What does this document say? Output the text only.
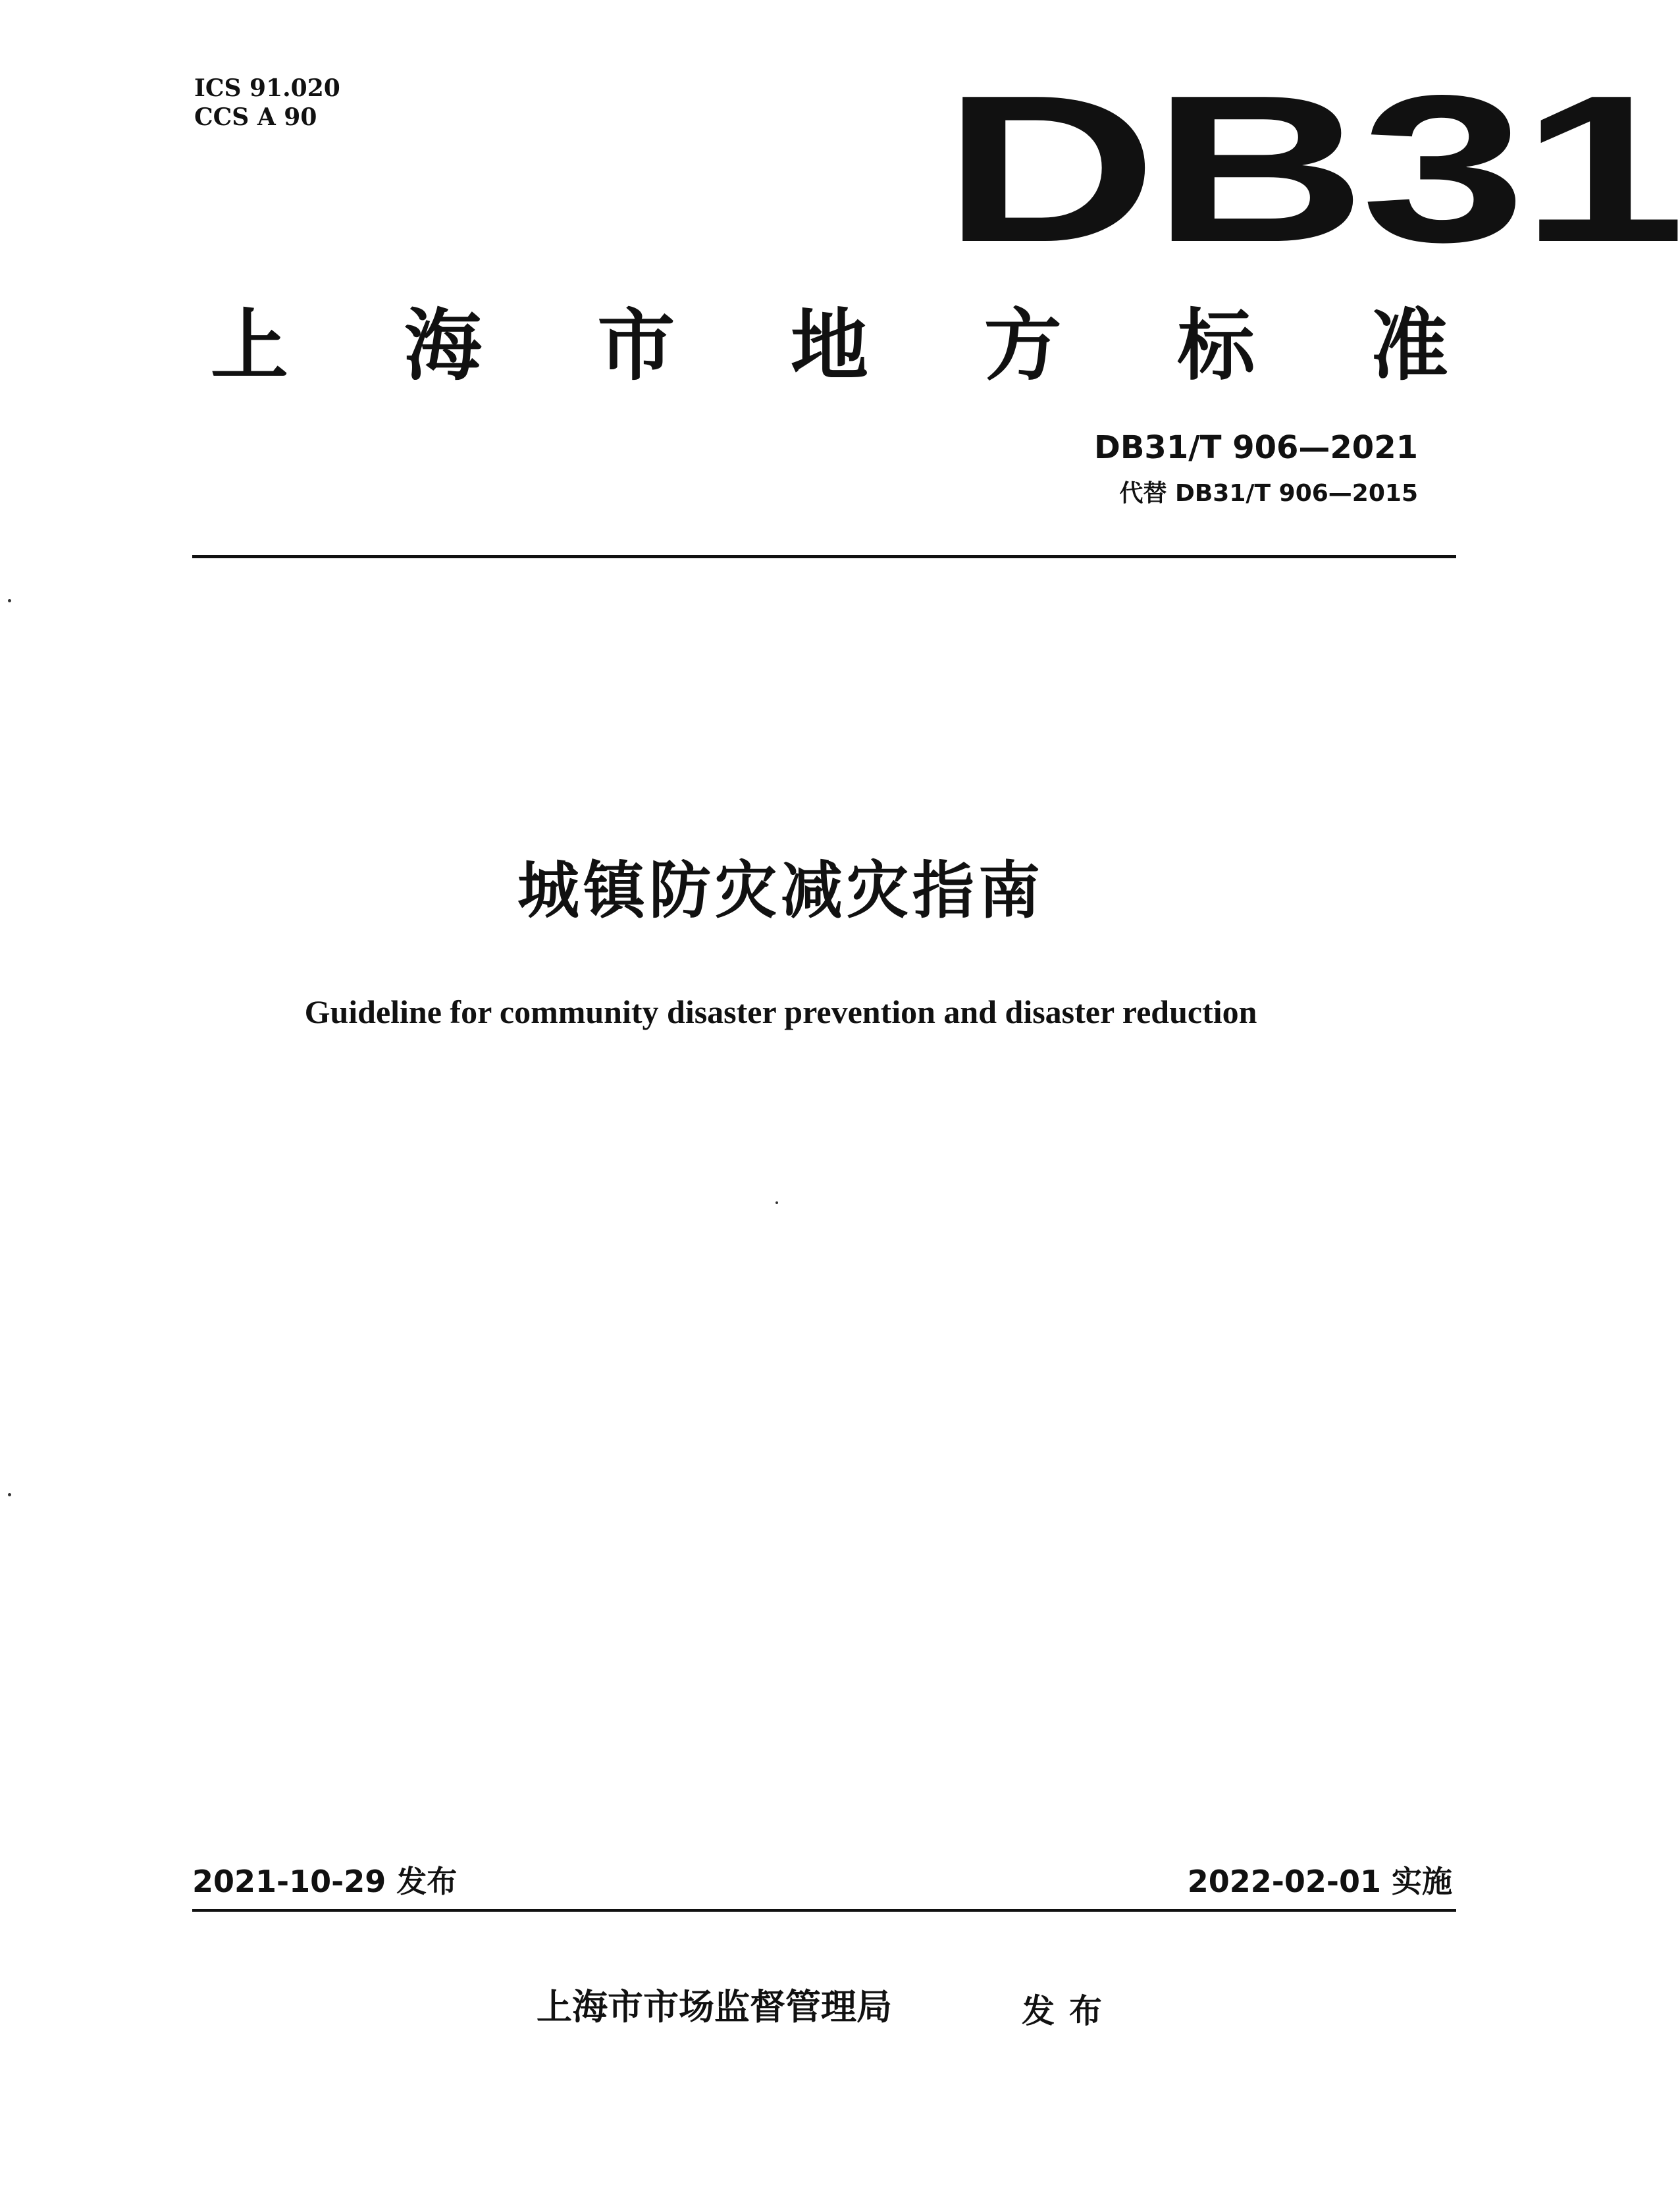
ICS 91.020
CCS A 90	DB31
上 海 市 地 方 标 准
DB31/T 906—2021
代替 DB31/T 906—2015
城镇防灾减灾指南
Guideline for community disaster prevention and disaster reduction
2021-10-29 发布	2022-02-01 实施
上海市市场监督管理局	发布
